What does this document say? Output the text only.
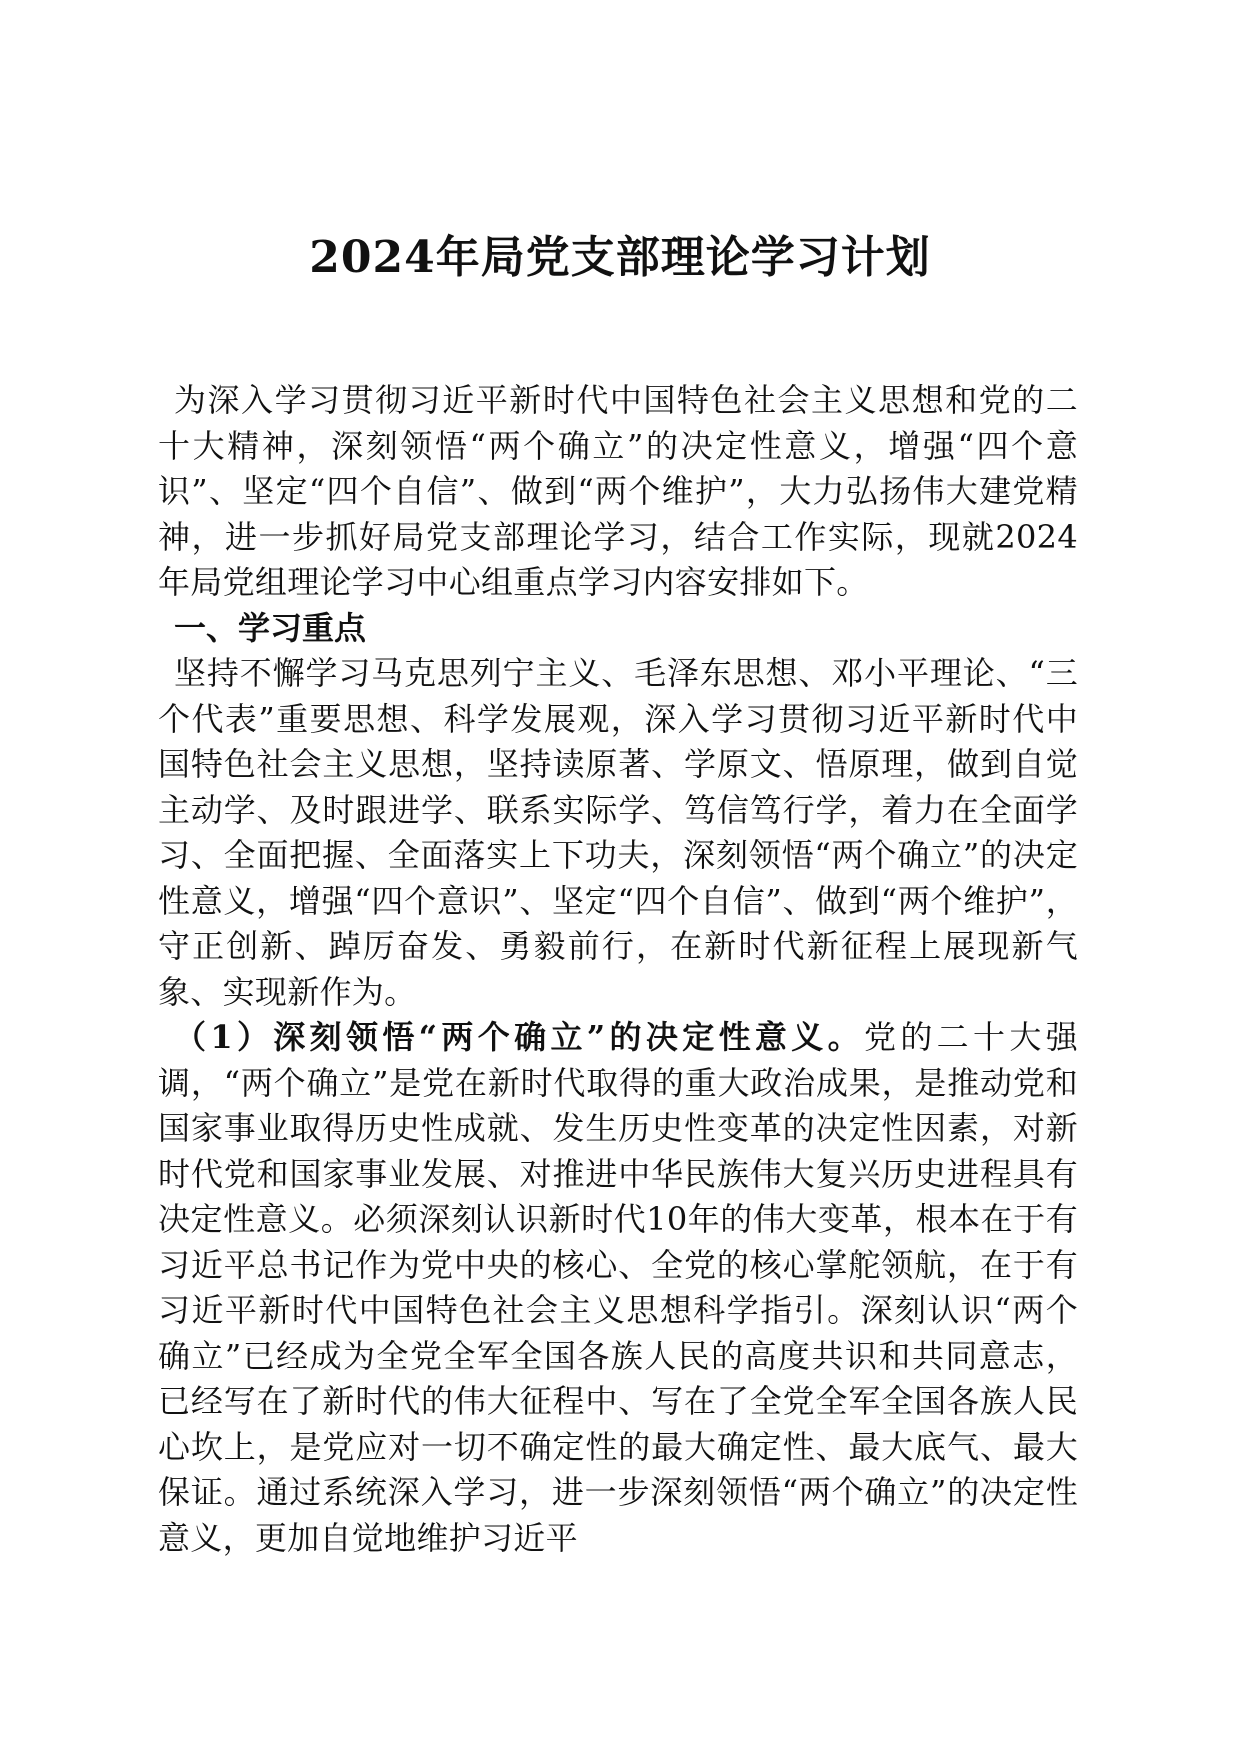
2024年局党支部理论学习计划

为深入学习贯彻习近平新时代中国特色社会主义思想和党的二十大精神，深刻领悟“两个确立”的决定性意义，增强“四个意识”、坚定“四个自信”、做到“两个维护”，大力弘扬伟大建党精神，进一步抓好局党支部理论学习，结合工作实际，现就2024年局党组理论学习中心组重点学习内容安排如下。

一、学习重点

坚持不懈学习马克思列宁主义、毛泽东思想、邓小平理论、“三个代表”重要思想、科学发展观，深入学习贯彻习近平新时代中国特色社会主义思想，坚持读原著、学原文、悟原理，做到自觉主动学、及时跟进学、联系实际学、笃信笃行学，着力在全面学习、全面把握、全面落实上下功夫，深刻领悟“两个确立”的决定性意义，增强“四个意识”、坚定“四个自信”、做到“两个维护”，守正创新、踔厉奋发、勇毅前行，在新时代新征程上展现新气象、实现新作为。

（1）深刻领悟“两个确立”的决定性意义。党的二十大强调，“两个确立”是党在新时代取得的重大政治成果，是推动党和国家事业取得历史性成就、发生历史性变革的决定性因素，对新时代党和国家事业发展、对推进中华民族伟大复兴历史进程具有决定性意义。必须深刻认识新时代10年的伟大变革，根本在于有习近平总书记作为党中央的核心、全党的核心掌舵领航，在于有习近平新时代中国特色社会主义思想科学指引。深刻认识“两个确立”已经成为全党全军全国各族人民的高度共识和共同意志，已经写在了新时代的伟大征程中、写在了全党全军全国各族人民心坎上，是党应对一切不确定性的最大确定性、最大底气、最大保证。通过系统深入学习，进一步深刻领悟“两个确立”的决定性意义，更加自觉地维护习近平
